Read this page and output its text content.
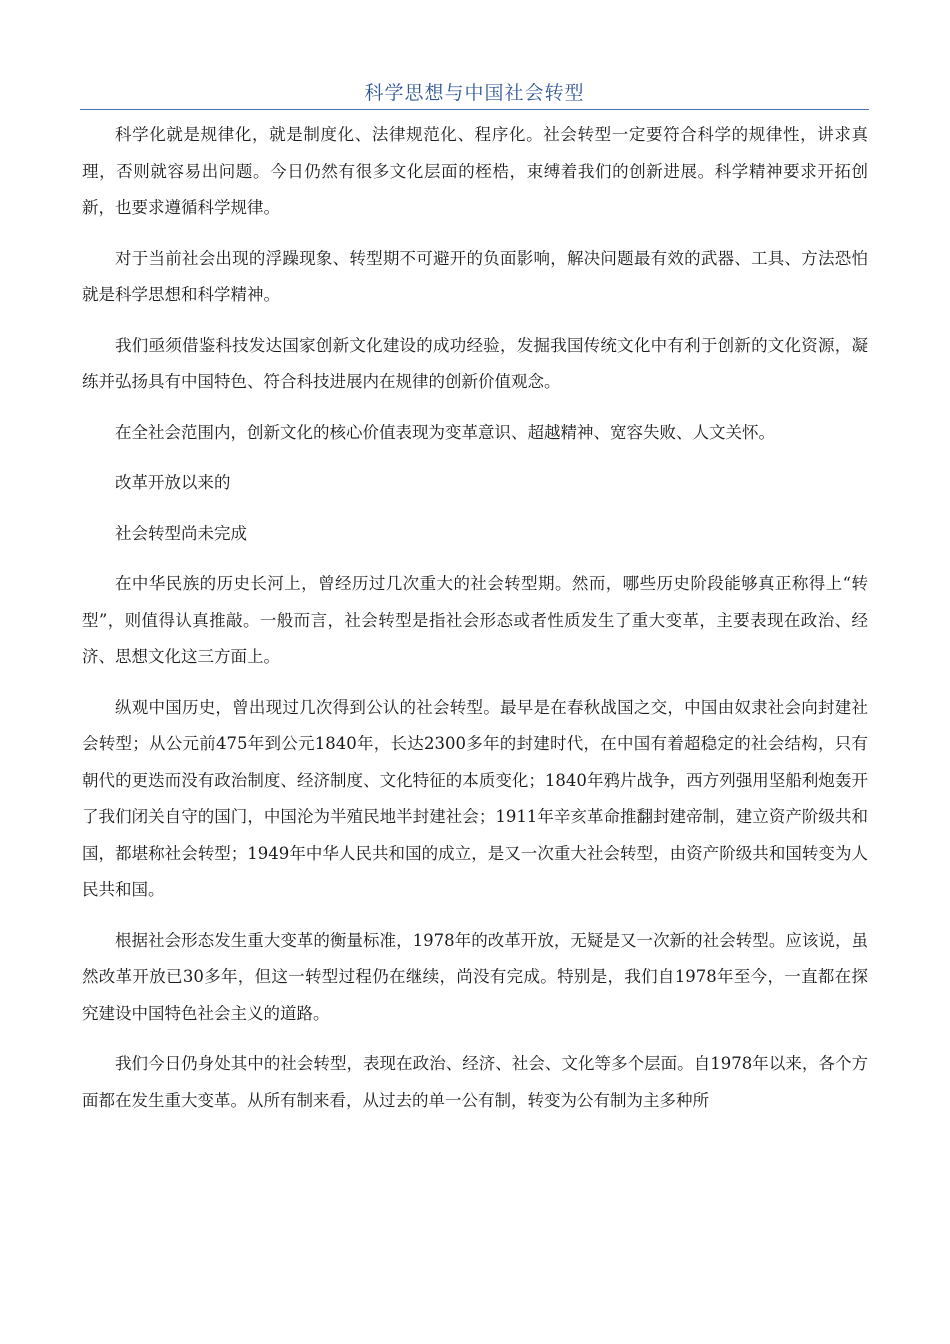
科学思想与中国社会转型

科学化就是规律化，就是制度化、法律规范化、程序化。社会转型一定要符合科学的规律性，讲求真理，否则就容易出问题。今日仍然有很多文化层面的桎梏，束缚着我们的创新进展。科学精神要求开拓创新，也要求遵循科学规律。

对于当前社会出现的浮躁现象、转型期不可避开的负面影响，解决问题最有效的武器、工具、方法恐怕就是科学思想和科学精神。

我们亟须借鉴科技发达国家创新文化建设的成功经验，发掘我国传统文化中有利于创新的文化资源，凝练并弘扬具有中国特色、符合科技进展内在规律的创新价值观念。

在全社会范围内，创新文化的核心价值表现为变革意识、超越精神、宽容失败、人文关怀。

改革开放以来的

社会转型尚未完成

在中华民族的历史长河上，曾经历过几次重大的社会转型期。然而，哪些历史阶段能够真正称得上“转型”，则值得认真推敲。一般而言，社会转型是指社会形态或者性质发生了重大变革，主要表现在政治、经济、思想文化这三方面上。

纵观中国历史，曾出现过几次得到公认的社会转型。最早是在春秋战国之交，中国由奴隶社会向封建社会转型；从公元前475年到公元1840年，长达2300多年的封建时代，在中国有着超稳定的社会结构，只有朝代的更迭而没有政治制度、经济制度、文化特征的本质变化；1840年鸦片战争，西方列强用坚船利炮轰开了我们闭关自守的国门，中国沦为半殖民地半封建社会；1911年辛亥革命推翻封建帝制，建立资产阶级共和国，都堪称社会转型；1949年中华人民共和国的成立，是又一次重大社会转型，由资产阶级共和国转变为人民共和国。

根据社会形态发生重大变革的衡量标准，1978年的改革开放，无疑是又一次新的社会转型。应该说，虽然改革开放已30多年，但这一转型过程仍在继续，尚没有完成。特别是，我们自1978年至今，一直都在探究建设中国特色社会主义的道路。

我们今日仍身处其中的社会转型，表现在政治、经济、社会、文化等多个层面。自1978年以来，各个方面都在发生重大变革。从所有制来看，从过去的单一公有制，转变为公有制为主多种所
